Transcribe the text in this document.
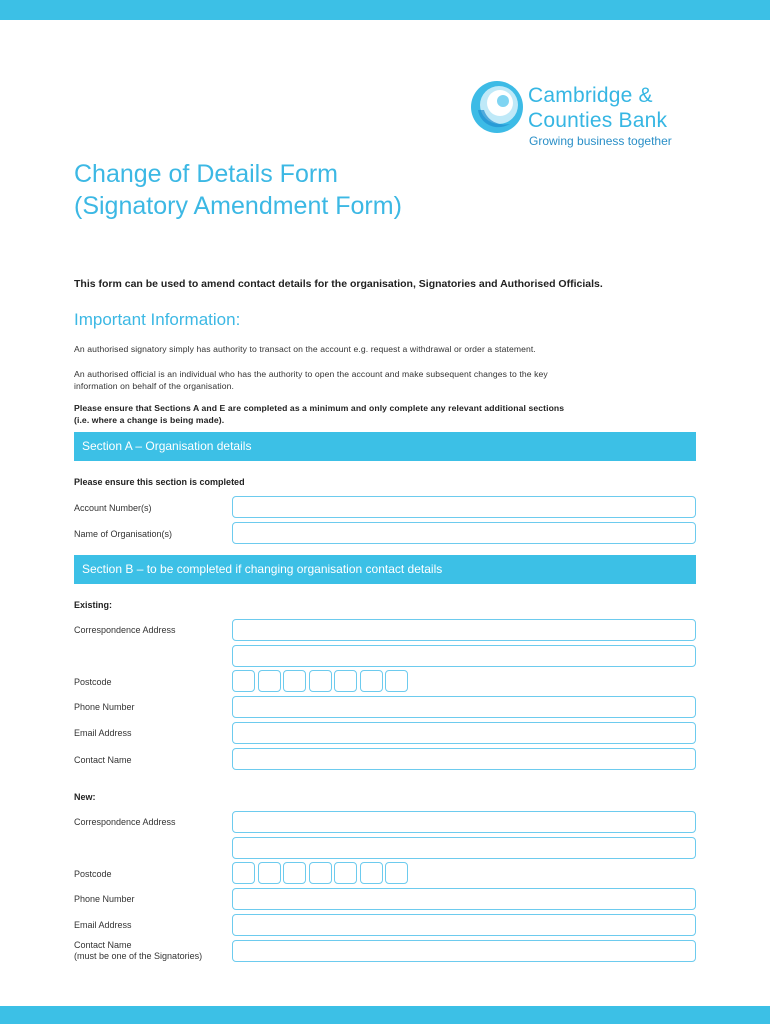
Cambridge &
Counties Bank
Growing business together
Change of Details Form
(Signatory Amendment Form)
This form can be used to amend contact details for the organisation, Signatories and Authorised Officials.
Important Information:
An authorised signatory simply has authority to transact on the account e.g. request a withdrawal or order a statement.
An authorised official is an individual who has the authority to open the account and make subsequent changes to the key
information on behalf of the organisation.
Please ensure that Sections A and E are completed as a minimum and only complete any relevant additional sections
(i.e. where a change is being made).
Section A – Organisation details
Please ensure this section is completed
Account Number(s)
Name of Organisation(s)
Section B – to be completed if changing organisation contact details
Existing:
Correspondence Address
Postcode
Phone Number
Email Address
Contact Name
New:
Correspondence Address
Postcode
Phone Number
Email Address
Contact Name
(must be one of the Signatories)
